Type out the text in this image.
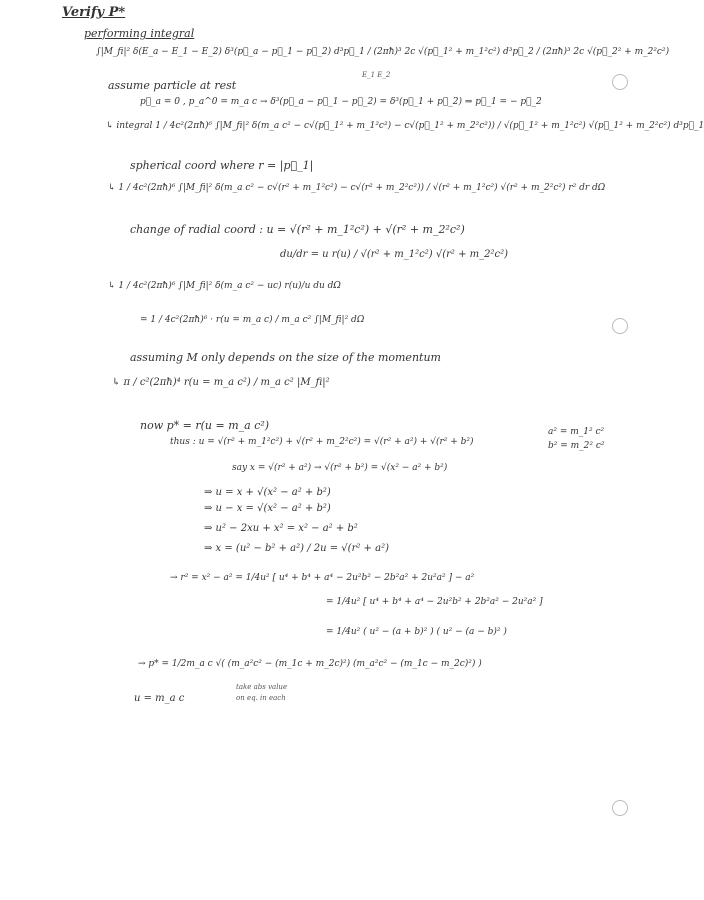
Verify P*
performing integral
∫|M_fi|² δ(E_a − E_1 − E_2) δ³(p⃗_a − p⃗_1 − p⃗_2) d³p⃗_1 / (2πħ)³ 2c √(p⃗_1² + m_1²c²) d³p⃗_2 / (2πħ)³ 2c √(p⃗_2² + m_2²c²)
E_1 E_2
assume particle at rest
p⃗_a = 0 , p_a^0 = m_a c → δ³(p⃗_a − p⃗_1 − p⃗_2) = δ³(p⃗_1 + p⃗_2) ⇒ p⃗_1 = − p⃗_2
↳ integral 1 / 4c²(2πħ)⁶ ∫|M_fi|² δ(m_a c² − c√(p⃗_1² + m_1²c²) − c√(p⃗_1² + m_2²c²)) / √(p⃗_1² + m_1²c²) √(p⃗_1² + m_2²c²) d³p⃗_1
spherical coord where r = |p⃗_1|
↳ 1 / 4c²(2πħ)⁶ ∫|M_fi|² δ(m_a c² − c√(r² + m_1²c²) − c√(r² + m_2²c²)) / √(r² + m_1²c²) √(r² + m_2²c²) r² dr dΩ
change of radial coord : u = √(r² + m_1²c²) + √(r² + m_2²c²)
du/dr = u r(u) / √(r² + m_1²c²) √(r² + m_2²c²)
↳ 1 / 4c²(2πħ)⁶ ∫|M_fi|² δ(m_a c² − uc) r(u)/u du dΩ
= 1 / 4c²(2πħ)⁶ · r(u = m_a c) / m_a c² ∫|M_fi|² dΩ
assuming M only depends on the size of the momentum
↳ π / c²(2πħ)⁴ r(u = m_a c²) / m_a c² |M_fi|²
now p* = r(u = m_a c²)
thus : u = √(r² + m_1²c²) + √(r² + m_2²c²) = √(r² + a²) + √(r² + b²)
a² = m_1² c²
b² = m_2² c²
say x = √(r² + a²) → √(r² + b²) = √(x² − a² + b²)
⇒ u = x + √(x² − a² + b²)
⇒ u − x = √(x² − a² + b²)
⇒ u² − 2xu + x² = x² − a² + b²
⇒ x = (u² − b² + a²) / 2u = √(r² + a²)
→ r² = x² − a² = 1/4u² [ u⁴ + b⁴ + a⁴ − 2u²b² − 2b²a² + 2u²a² ] − a²
= 1/4u² [ u⁴ + b⁴ + a⁴ − 2u²b² + 2b²a² − 2u²a² ]
= 1/4u² ( u² − (a + b)² ) ( u² − (a − b)² )
→ p* = 1/2m_a c √( (m_a²c² − (m_1c + m_2c)²) (m_a²c² − (m_1c − m_2c)²) )
take abs value
on eq. in each
u = m_a c
